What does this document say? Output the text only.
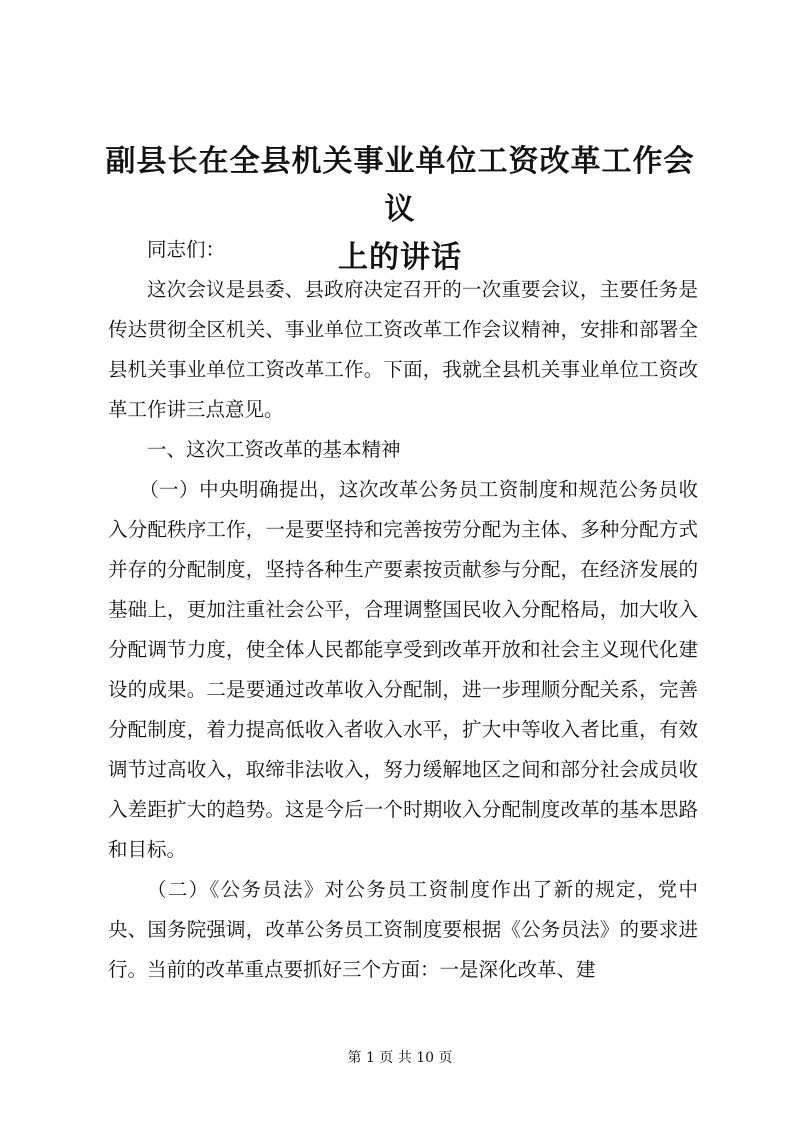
副县长在全县机关事业单位工资改革工作会议
上的讲话

同志们：

这次会议是县委、县政府决定召开的一次重要会议，主要任务是传达贯彻全区机关、事业单位工资改革工作会议精神，安排和部署全县机关事业单位工资改革工作。下面，我就全县机关事业单位工资改革工作讲三点意见。

一、这次工资改革的基本精神

（一）中央明确提出，这次改革公务员工资制度和规范公务员收入分配秩序工作，一是要坚持和完善按劳分配为主体、多种分配方式并存的分配制度，坚持各种生产要素按贡献参与分配，在经济发展的基础上，更加注重社会公平，合理调整国民收入分配格局，加大收入分配调节力度，使全体人民都能享受到改革开放和社会主义现代化建设的成果。二是要通过改革收入分配制，进一步理顺分配关系，完善分配制度，着力提高低收入者收入水平，扩大中等收入者比重，有效调节过高收入，取缔非法收入，努力缓解地区之间和部分社会成员收入差距扩大的趋势。这是今后一个时期收入分配制度改革的基本思路和目标。

（二）《公务员法》对公务员工资制度作出了新的规定，党中央、国务院强调，改革公务员工资制度要根据《公务员法》的要求进行。当前的改革重点要抓好三个方面：一是深化改革、建

第 1 页 共 10 页
